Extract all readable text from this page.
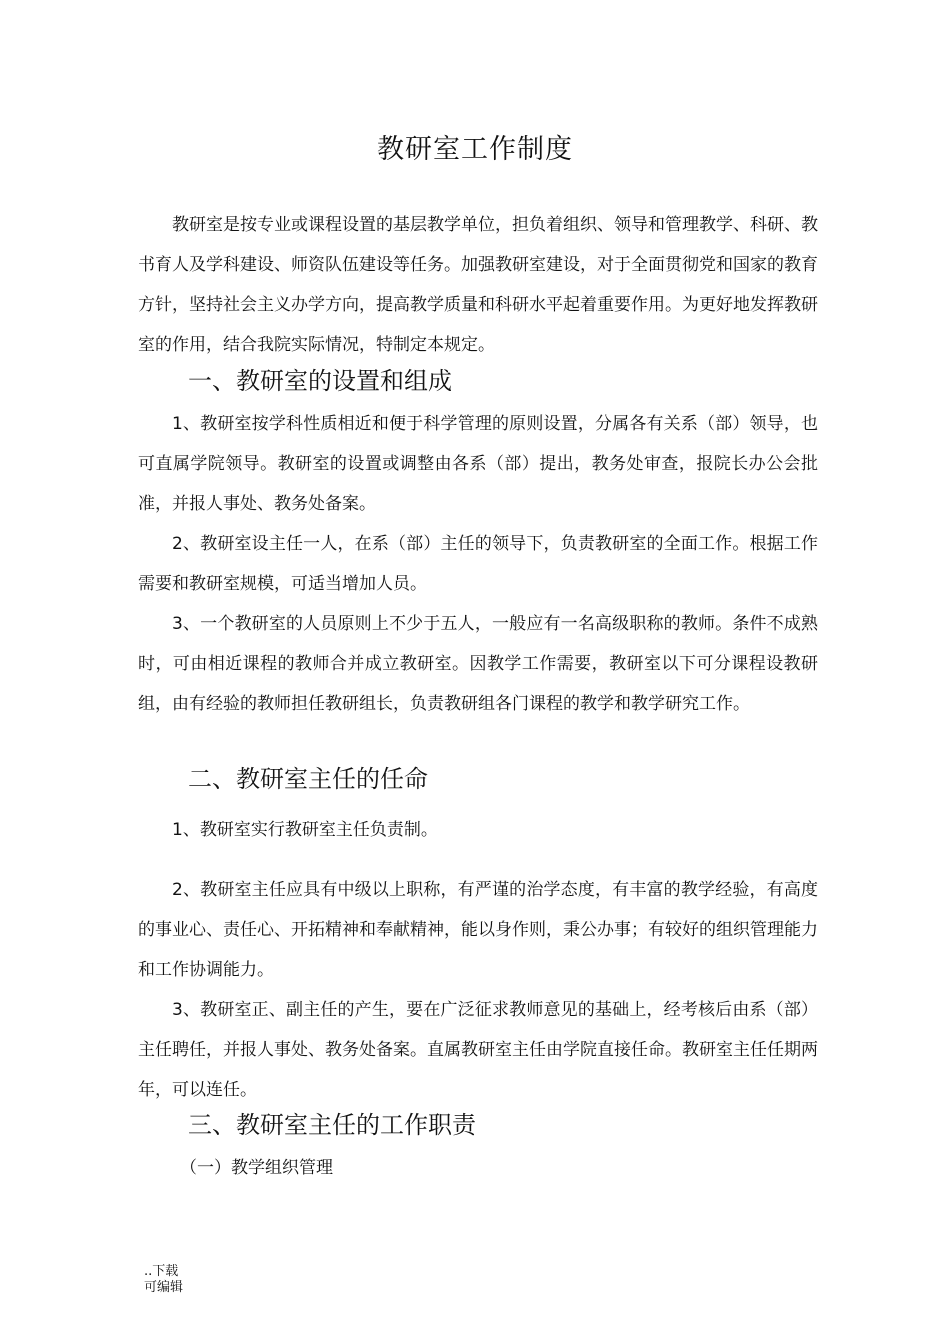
教研室工作制度
教研室是按专业或课程设置的基层教学单位，担负着组织、领导和管理教学、科研、教书育人及学科建设、师资队伍建设等任务。加强教研室建设，对于全面贯彻党和国家的教育方针，坚持社会主义办学方向，提高教学质量和科研水平起着重要作用。为更好地发挥教研室的作用，结合我院实际情况，特制定本规定。
一、教研室的设置和组成
1、教研室按学科性质相近和便于科学管理的原则设置，分属各有关系（部）领导，也可直属学院领导。教研室的设置或调整由各系（部）提出，教务处审查，报院长办公会批准，并报人事处、教务处备案。
2、教研室设主任一人，在系（部）主任的领导下，负责教研室的全面工作。根据工作需要和教研室规模，可适当增加人员。
3、一个教研室的人员原则上不少于五人，一般应有一名高级职称的教师。条件不成熟时，可由相近课程的教师合并成立教研室。因教学工作需要，教研室以下可分课程设教研组，由有经验的教师担任教研组长，负责教研组各门课程的教学和教学研究工作。
二、教研室主任的任命
1、教研室实行教研室主任负责制。
2、教研室主任应具有中级以上职称，有严谨的治学态度，有丰富的教学经验，有高度的事业心、责任心、开拓精神和奉献精神，能以身作则，秉公办事；有较好的组织管理能力和工作协调能力。
3、教研室正、副主任的产生，要在广泛征求教师意见的基础上，经考核后由系（部）主任聘任，并报人事处、教务处备案。直属教研室主任由学院直接任命。教研室主任任期两年，可以连任。
三、教研室主任的工作职责
（一）教学组织管理
..下载
可编辑
